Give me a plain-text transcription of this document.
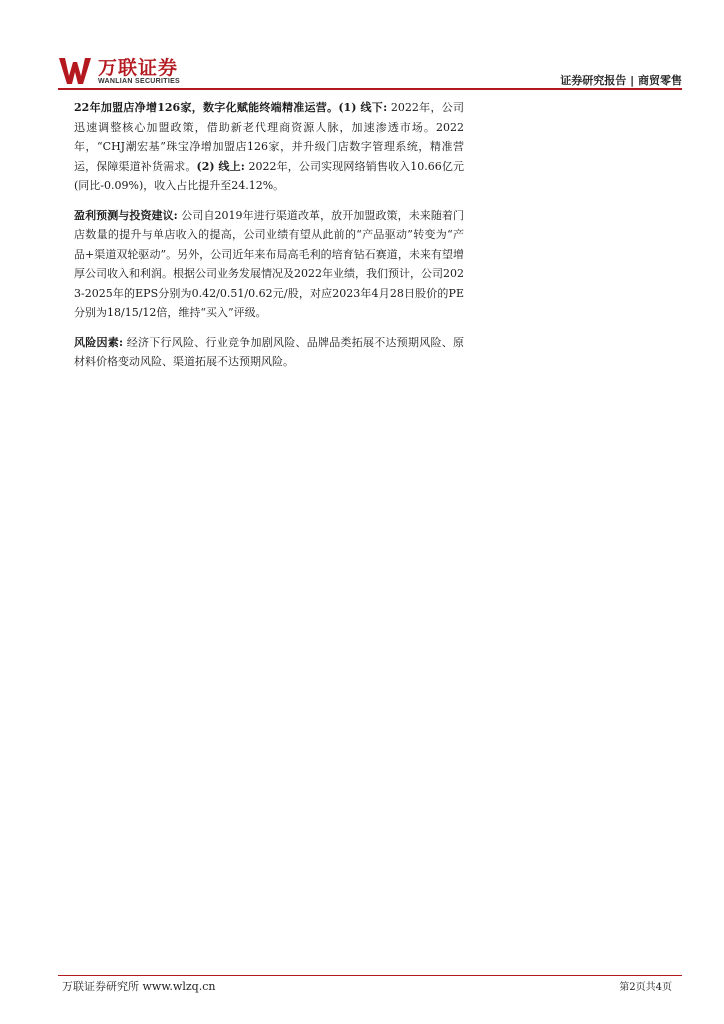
万联证券
WANLIAN SECURITIES	证券研究报告 | 商贸零售

22年加盟店净增126家，数字化赋能终端精准运营。(1) 线下: 2022年，公司迅速调整核心加盟政策，借助新老代理商资源人脉，加速渗透市场。2022年，“CHJ潮宏基”珠宝净增加盟店126家，并升级门店数字管理系统，精准营运，保障渠道补货需求。(2) 线上: 2022年，公司实现网络销售收入10.66亿元(同比-0.09%)，收入占比提升至24.12%。

盈利预测与投资建议: 公司自2019年进行渠道改革，放开加盟政策，未来随着门店数量的提升与单店收入的提高，公司业绩有望从此前的“产品驱动”转变为“产品+渠道双轮驱动”。另外，公司近年来布局高毛利的培育钻石赛道，未来有望增厚公司收入和利润。根据公司业务发展情况及2022年业绩，我们预计，公司2023-2025年的EPS分别为0.42/0.51/0.62元/股，对应2023年4月28日股价的PE分别为18/15/12倍，维持“买入”评级。

风险因素: 经济下行风险、行业竞争加剧风险、品牌品类拓展不达预期风险、原材料价格变动风险、渠道拓展不达预期风险。

万联证券研究所 www.wlzq.cn	第2页共4页
